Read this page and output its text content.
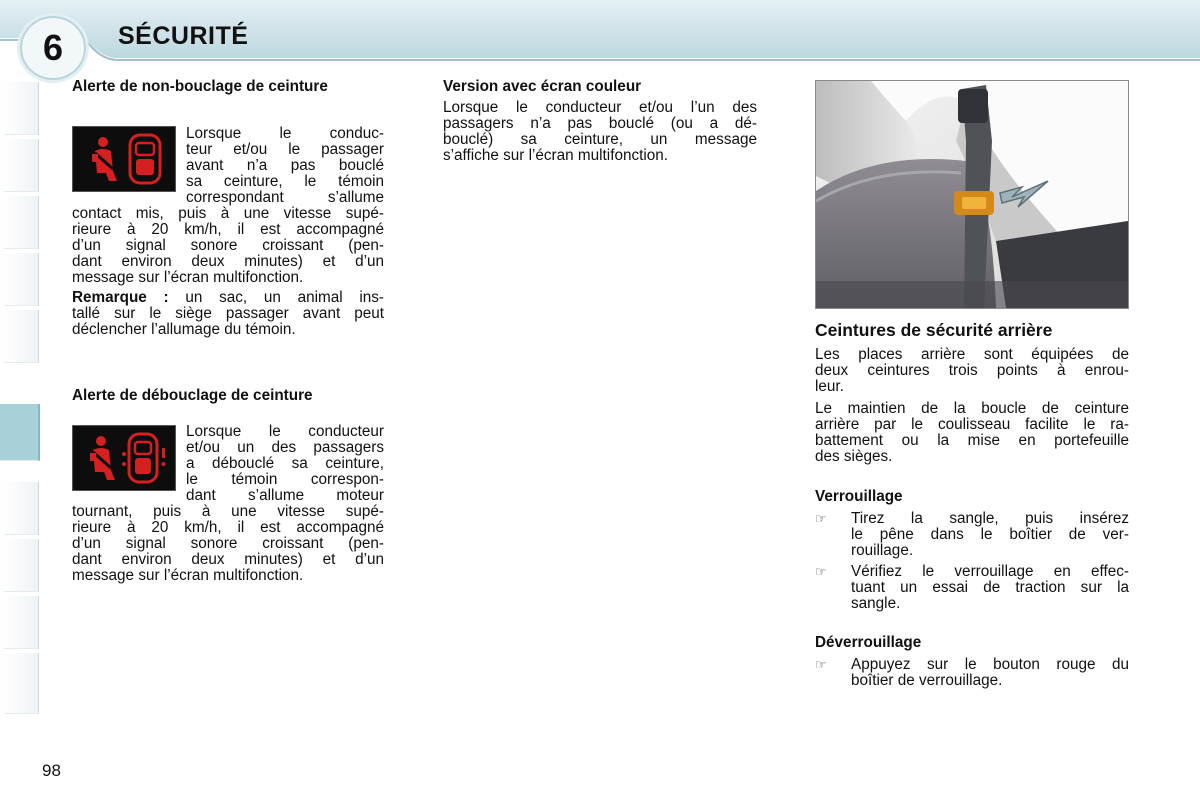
6	SÉCURITÉ
Alerte de non-bouclage de ceinture

Lorsque le conduc-

teur et/ou le passager

avant n’a pas bouclé

sa ceinture, le témoin

correspondant s’allume

contact mis, puis à une vitesse supé-

rieure à 20 km/h, il est accompagné

d’un signal sonore croissant (pen-

dant environ deux minutes) et d’un

message sur l’écran multifonction.

Remarque : un sac, un animal ins-

tallé sur le siège passager avant peut

déclencher l’allumage du témoin.

Alerte de débouclage de ceinture

Lorsque le conducteur

et/ou un des passagers

a débouclé sa ceinture,

le témoin correspon-

dant s’allume moteur

tournant, puis à une vitesse supé-

rieure à 20 km/h, il est accompagné

d’un signal sonore croissant (pen-

dant environ deux minutes) et d’un

message sur l’écran multifonction.

Version avec écran couleur

Lorsque le conducteur et/ou l’un des

passagers n’a pas bouclé (ou a dé-

bouclé) sa ceinture, un message

s’affiche sur l’écran multifonction.

Ceintures de sécurité arrière

Les places arrière sont équipées de

deux ceintures trois points à enrou-

leur.

Le maintien de la boucle de ceinture

arrière par le coulisseau facilite le ra-

battement ou la mise en portefeuille

des sièges.

Verrouillage
☞ Tirez la sangle, puis insérez
le pêne dans le boîtier de ver-
rouillage.
☞ Vérifiez le verrouillage en effec-
tuant un essai de traction sur la
sangle.
Déverrouillage
☞ Appuyez sur le bouton rouge du
boîtier de verrouillage.
98
